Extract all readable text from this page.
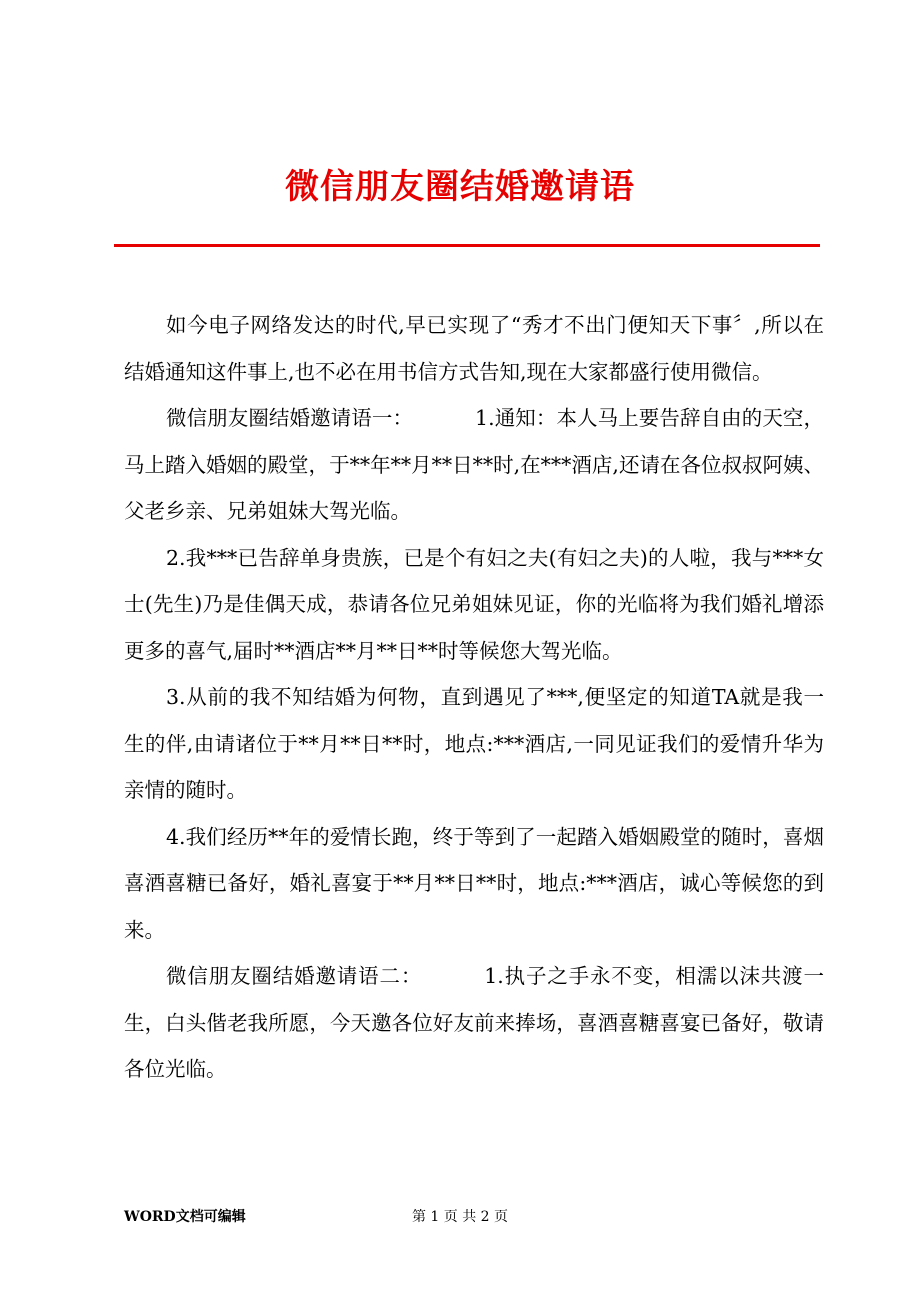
微信朋友圈结婚邀请语

如今电子网络发达的时代,早已实现了“秀才不出门便知天下事〞,所以在结婚通知这件事上,也不必在用书信方式告知,现在大家都盛行使用微信。

微信朋友圈结婚邀请语一：	1.通知：本人马上要告辞自由的天空，马上踏入婚姻的殿堂，于**年**月**日**时,在***酒店,还请在各位叔叔阿姨、父老乡亲、兄弟姐妹大驾光临。

2.我***已告辞单身贵族，已是个有妇之夫(有妇之夫)的人啦，我与***女士(先生)乃是佳偶天成，恭请各位兄弟姐妹见证，你的光临将为我们婚礼增添更多的喜气,届时**酒店**月**日**时等候您大驾光临。

3.从前的我不知结婚为何物，直到遇见了***,便坚定的知道TA就是我一生的伴,由请诸位于**月**日**时，地点:***酒店,一同见证我们的爱情升华为亲情的随时。

4.我们经历**年的爱情长跑，终于等到了一起踏入婚姻殿堂的随时，喜烟喜酒喜糖已备好，婚礼喜宴于**月**日**时，地点:***酒店，诚心等候您的到来。

微信朋友圈结婚邀请语二：	1.执子之手永不变，相濡以沫共渡一生，白头偕老我所愿，今天邀各位好友前来捧场，喜酒喜糖喜宴已备好，敬请各位光临。

WORD文档可编辑	第 1 页 共 2 页
